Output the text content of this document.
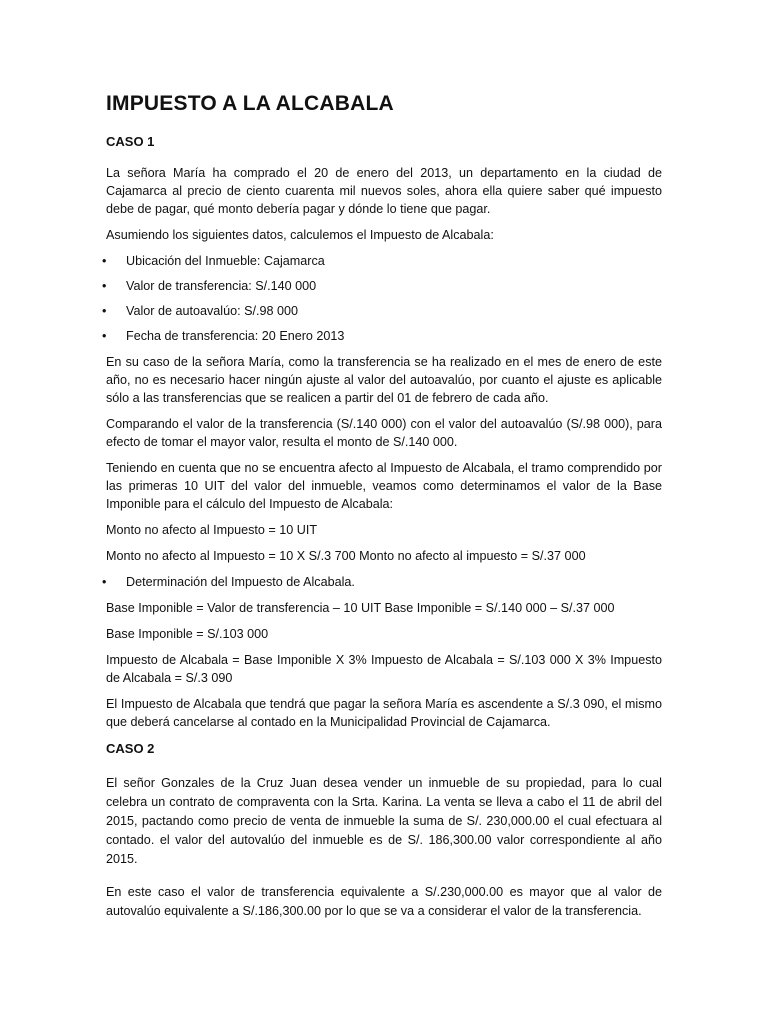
IMPUESTO A LA ALCABALA
CASO 1

La señora María ha comprado el 20 de enero del 2013, un departamento en la ciudad de Cajamarca al precio de ciento cuarenta mil nuevos soles, ahora ella quiere saber qué impuesto debe de pagar, qué monto debería pagar y dónde lo tiene que pagar.

Asumiendo los siguientes datos, calculemos el Impuesto de Alcabala:

• Ubicación del Inmueble: Cajamarca
• Valor de transferencia: S/.140 000
• Valor de autoavalúo: S/.98 000
• Fecha de transferencia: 20 Enero 2013

En su caso de la señora María, como la transferencia se ha realizado en el mes de enero de este año, no es necesario hacer ningún ajuste al valor del autoavalúo, por cuanto el ajuste es aplicable sólo a las transferencias que se realicen a partir del 01 de febrero de cada año.

Comparando el valor de la transferencia (S/.140 000) con el valor del autoavalúo (S/.98 000), para efecto de tomar el mayor valor, resulta el monto de S/.140 000.

Teniendo en cuenta que no se encuentra afecto al Impuesto de Alcabala, el tramo comprendido por las primeras 10 UIT del valor del inmueble, veamos como determinamos el valor de la Base Imponible para el cálculo del Impuesto de Alcabala:

Monto no afecto al Impuesto = 10 UIT

Monto no afecto al Impuesto = 10 X S/.3 700 Monto no afecto al impuesto = S/.37 000

• Determinación del Impuesto de Alcabala.

Base Imponible = Valor de transferencia – 10 UIT Base Imponible = S/.140 000 – S/.37 000

Base Imponible = S/.103 000

Impuesto de Alcabala = Base Imponible X 3% Impuesto de Alcabala = S/.103 000 X 3% Impuesto de Alcabala = S/.3 090

El Impuesto de Alcabala que tendrá que pagar la señora María es ascendente a S/.3 090, el mismo que deberá cancelarse al contado en la Municipalidad Provincial de Cajamarca.

CASO 2

El señor Gonzales de la Cruz Juan desea vender un inmueble de su propiedad, para lo cual celebra un contrato de compraventa con la Srta. Karina. La venta se lleva a cabo el 11 de abril del 2015, pactando como precio de venta de inmueble la suma de S/. 230,000.00 el cual efectuara al contado. el valor del autovalúo del inmueble es de S/. 186,300.00 valor correspondiente al año 2015.

En este caso el valor de transferencia equivalente a S/.230,000.00 es mayor que al valor de autovalúo equivalente a S/.186,300.00 por lo que se va a considerar el valor de la transferencia.
